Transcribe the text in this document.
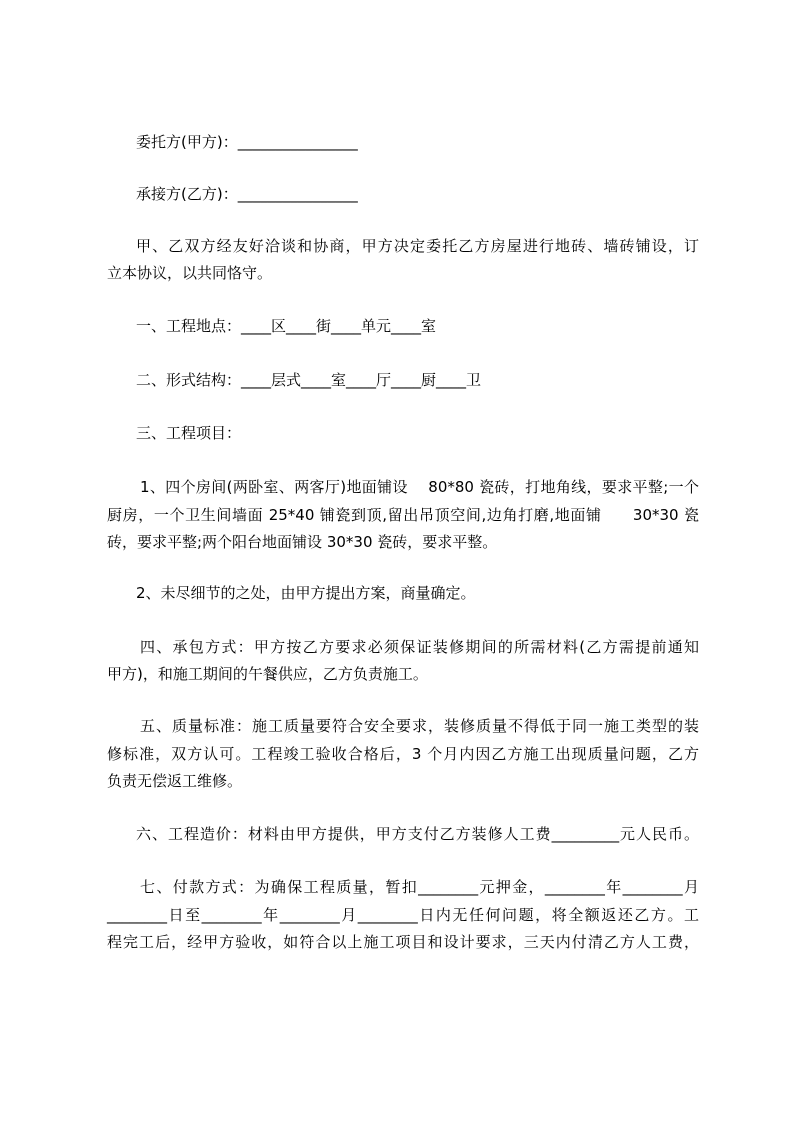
委托方(甲方)：________________
承接方(乙方)：________________
甲、乙双方经友好洽谈和协商，甲方决定委托乙方房屋进行地砖、墙砖铺设，订
立本协议，以共同恪守。
一、工程地点：____区____街____单元____室
二、形式结构：____层式____室____厅____厨____卫
三、工程项目：
1、四个房间(两卧室、两客厅)地面铺设　 80*80 瓷砖，打地角线，要求平整;一个
厨房，一个卫生间墙面 25*40 铺瓷到顶,留出吊顶空间,边角打磨,地面铺　　30*30 瓷
砖，要求平整;两个阳台地面铺设 30*30 瓷砖，要求平整。
2、未尽细节的之处，由甲方提出方案，商量确定。
四、承包方式：甲方按乙方要求必须保证装修期间的所需材料(乙方需提前通知
甲方)，和施工期间的午餐供应，乙方负责施工。
五、质量标准：施工质量要符合安全要求，装修质量不得低于同一施工类型的装
修标准，双方认可。工程竣工验收合格后，3 个月内因乙方施工出现质量问题，乙方
负责无偿返工维修。
六、工程造价：材料由甲方提供，甲方支付乙方装修人工费_________元人民币。
七、付款方式：为确保工程质量，暂扣________元押金，________年________月
________日至________年________月________日内无任何问题，将全额返还乙方。工
程完工后，经甲方验收，如符合以上施工项目和设计要求，三天内付清乙方人工费，
